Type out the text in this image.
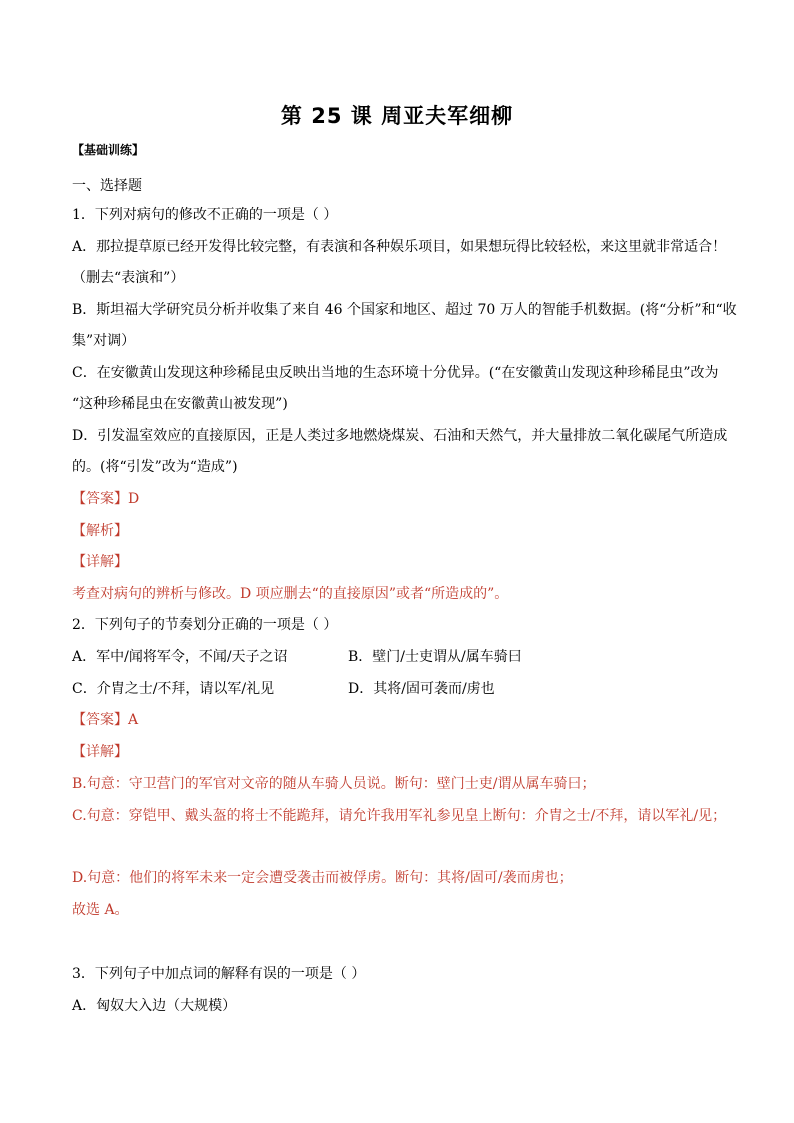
第 25 课 周亚夫军细柳
【基础训练】
一、选择题
1．下列对病句的修改不正确的一项是（ ）
A．那拉提草原已经开发得比较完整，有表演和各种娱乐项目，如果想玩得比较轻松，来这里就非常适合！
（删去“表演和”）
B．斯坦福大学研究员分析并收集了来自 46 个国家和地区、超过 70 万人的智能手机数据。(将“分析”和“收
集”对调）
C．在安徽黄山发现这种珍稀昆虫反映出当地的生态环境十分优异。(“在安徽黄山发现这种珍稀昆虫”改为
“这种珍稀昆虫在安徽黄山被发现”)
D．引发温室效应的直接原因，正是人类过多地燃烧煤炭、石油和天然气，并大量排放二氧化碳尾气所造成
的。(将“引发”改为“造成”)
【答案】D
【解析】
【详解】
考查对病句的辨析与修改。D 项应删去“的直接原因”或者“所造成的”。
2．下列句子的节奏划分正确的一项是（ ）
A．军中/闻将军令，不闻/天子之诏	B．壁门/士吏谓从/属车骑曰
C．介胄之士/不拜，请以军/礼见	D．其将/固可袭而/虏也
【答案】A
【详解】
B.句意：守卫营门的军官对文帝的随从车骑人员说。断句：壁门士吏/谓从属车骑曰；
C.句意：穿铠甲、戴头盔的将士不能跪拜，请允许我用军礼参见皇上断句：介胄之士/不拜，请以军礼/见；
D.句意：他们的将军未来一定会遭受袭击而被俘虏。断句：其将/固可/袭而虏也；
故选 A。
3．下列句子中加点词的解释有误的一项是（ ）
A．匈奴大入边（大规模）
